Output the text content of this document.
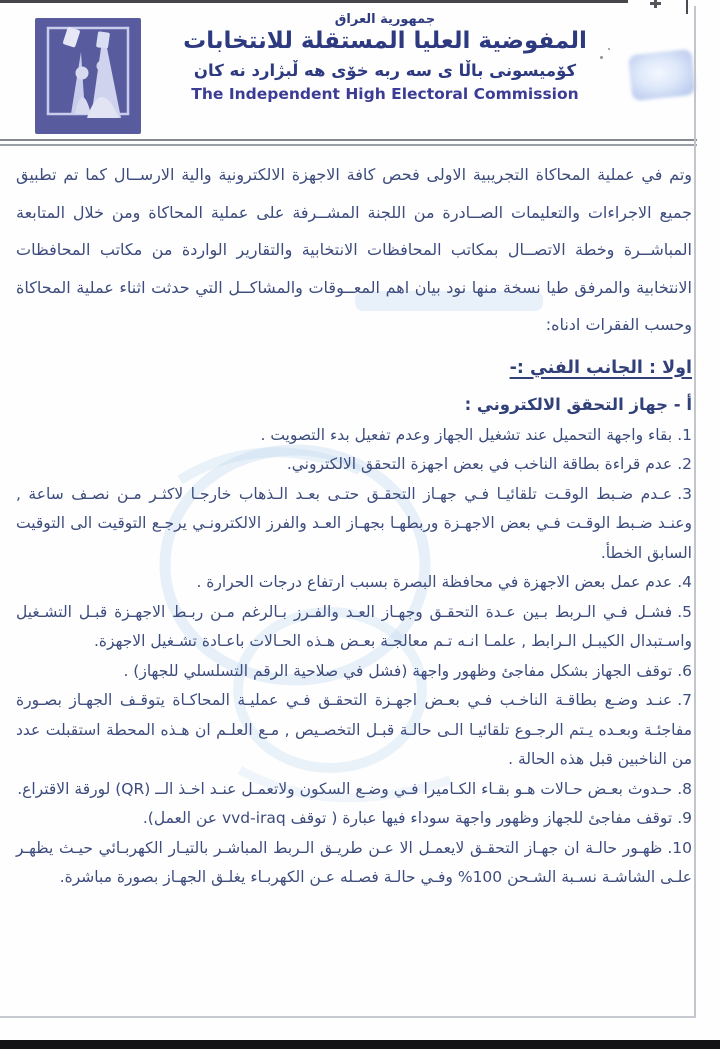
جمهورية العراق
المفوضية العليا المستقلة للانتخابات
كۆميسونى باڵا ى سه ربه خۆى هه ڵبژارد نه كان
The Independent High Electoral Commission

وتم في عملية المحاكاة التجريبية الاولى فحص كافة الاجهزة الالكترونية والية الارســال كما تم تطبيق جميع الاجراءات والتعليمات الصــادرة من اللجنة المشــرفة على عملية المحاكاة ومن خلال المتابعة المباشــرة وخطة الاتصــال بمكاتب المحافظات الانتخابية والتقارير الواردة من مكاتب المحافظات الانتخابية والمرفق طيا نسخة منها نود بيان اهم المعــوقات والمشاكــل التي حدثت اثناء عملية المحاكاة وحسب الفقرات ادناه:

اولا : الجانب الفني :-

أ - جهاز التحقق الالكتروني :

1.بقاء واجهة التحميل عند تشغيل الجهاز وعدم تفعيل بدء التصويت .
2.عدم قراءة بطاقة الناخب في بعض اجهزة التحقق الالكتروني.
3.عـدم ضـبط الوقـت تلقائيـا فـي جهـاز التحقـق حتـى بعـد الـذهاب خارجـا لاكثـر مـن نصـف ساعة , وعنـد ضـبط الوقـت فـي بعض الاجهـزة وربطهـا بجهـاز العـد والفرز الالكترونـي يرجـع التوقيت الى التوقيت السابق الخطأ.
4.عدم عمل بعض الاجهزة في محافظة البصرة بسبب ارتفاع درجات الحرارة .
5.فشـل فـي الـربط بـين عـدة التحقـق وجهـاز العـد والفـرز بـالرغم مـن ربـط الاجهـزة قبـل التشـغيل واسـتبدال الكيبـل الـرابط , علمـا انـه تـم معالجـة بعـض هـذه الحـالات باعـادة تشـغيل الاجهزة.
6.توقف الجهاز بشكل مفاجئ وظهور واجهة (فشل في صلاحية الرقم التسلسلي للجهاز) .
7.عنـد وضـع بطاقـة الناخـب فـي بعـض اجهـزة التحقـق فـي عمليـة المحاكـاة يتوقـف الجهـاز بصـورة مفاجئـة وبعـده يـتم الرجـوع تلقائيـا الـى حالـة قبـل التخصـيص , مـع العلـم ان هـذه المحطة استقبلت عدد من الناخبين قبل هذه الحالة .
8.حـدوث بعـض حـالات هـو بقـاء الكـاميرا فـي وضـع السكون ولاتعمـل عنـد اخـذ الــ (QR) لورقة الاقتراع.
9.توقف مفاجئ للجهاز وظهور واجهة سوداء فيها عبارة ( توقف vvd-iraq عن العمل).
10.ظهـور حالـة ان جهـاز التحقـق لايعمـل الا عـن طريـق الـربط المباشـر بالتيـار الكهربـائي حيـث يظهـر علـى الشاشـة نسـبة الشـحن 100% وفـي حالـة فصـله عـن الكهربـاء يغلـق الجهـاز بصورة مباشرة.
